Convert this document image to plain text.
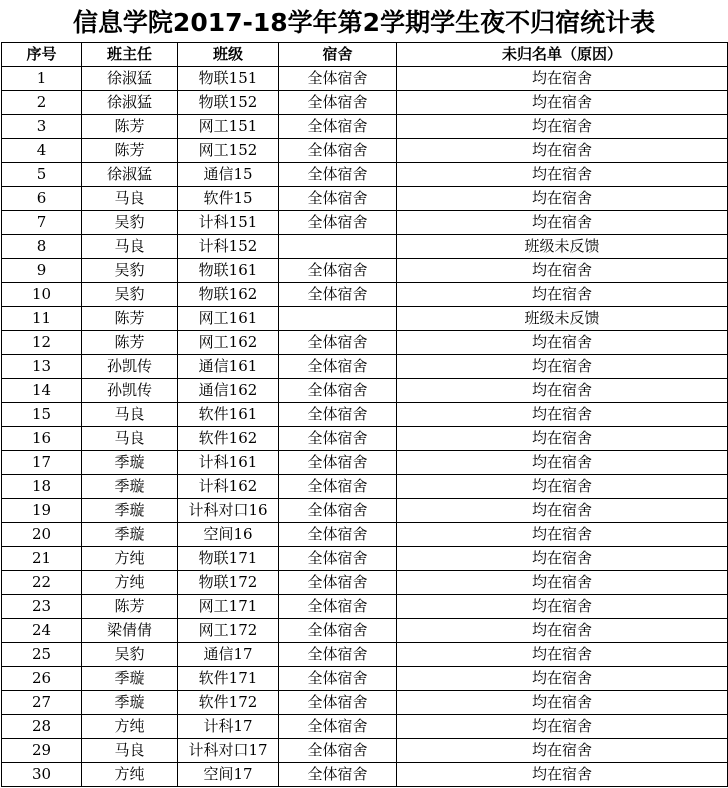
信息学院2017-18学年第2学期学生夜不归宿统计表
序号	班主任	班级	宿舍	未归名单（原因）
1	徐淑猛	物联151	全体宿舍	均在宿舍
2	徐淑猛	物联152	全体宿舍	均在宿舍
3	陈芳	网工151	全体宿舍	均在宿舍
4	陈芳	网工152	全体宿舍	均在宿舍
5	徐淑猛	通信15	全体宿舍	均在宿舍
6	马良	软件15	全体宿舍	均在宿舍
7	吴豹	计科151	全体宿舍	均在宿舍
8	马良	计科152		班级未反馈
9	吴豹	物联161	全体宿舍	均在宿舍
10	吴豹	物联162	全体宿舍	均在宿舍
11	陈芳	网工161		班级未反馈
12	陈芳	网工162	全体宿舍	均在宿舍
13	孙凯传	通信161	全体宿舍	均在宿舍
14	孙凯传	通信162	全体宿舍	均在宿舍
15	马良	软件161	全体宿舍	均在宿舍
16	马良	软件162	全体宿舍	均在宿舍
17	季璇	计科161	全体宿舍	均在宿舍
18	季璇	计科162	全体宿舍	均在宿舍
19	季璇	计科对口16	全体宿舍	均在宿舍
20	季璇	空间16	全体宿舍	均在宿舍
21	方纯	物联171	全体宿舍	均在宿舍
22	方纯	物联172	全体宿舍	均在宿舍
23	陈芳	网工171	全体宿舍	均在宿舍
24	梁倩倩	网工172	全体宿舍	均在宿舍
25	吴豹	通信17	全体宿舍	均在宿舍
26	季璇	软件171	全体宿舍	均在宿舍
27	季璇	软件172	全体宿舍	均在宿舍
28	方纯	计科17	全体宿舍	均在宿舍
29	马良	计科对口17	全体宿舍	均在宿舍
30	方纯	空间17	全体宿舍	均在宿舍
